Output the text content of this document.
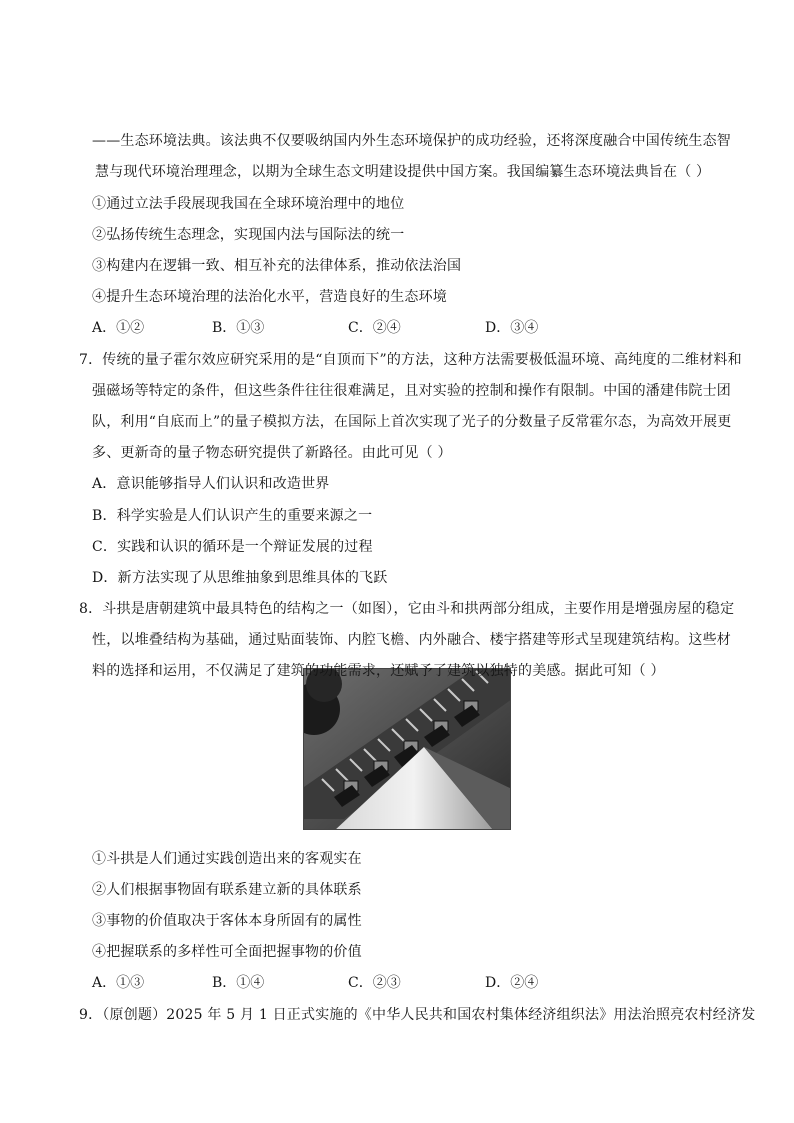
——生态环境法典。该法典不仅要吸纳国内外生态环境保护的成功经验，还将深度融合中国传统生态智
慧与现代环境治理理念，以期为全球生态文明建设提供中国方案。我国编纂生态环境法典旨在（ ）
①通过立法手段展现我国在全球环境治理中的地位
②弘扬传统生态理念，实现国内法与国际法的统一
③构建内在逻辑一致、相互补充的法律体系，推动依法治国
④提升生态环境治理的法治化水平，营造良好的生态环境
A．①②	B．①③	C．②④	D．③④
7．传统的量子霍尔效应研究采用的是“自顶而下”的方法，这种方法需要极低温环境、高纯度的二维材料和
强磁场等特定的条件，但这些条件往往很难满足，且对实验的控制和操作有限制。中国的潘建伟院士团
队，利用“自底而上”的量子模拟方法，在国际上首次实现了光子的分数量子反常霍尔态，为高效开展更
多、更新奇的量子物态研究提供了新路径。由此可见（ ）
A．意识能够指导人们认识和改造世界
B．科学实验是人们认识产生的重要来源之一
C．实践和认识的循环是一个辩证发展的过程
D．新方法实现了从思维抽象到思维具体的飞跃
8．斗拱是唐朝建筑中最具特色的结构之一（如图），它由斗和拱两部分组成，主要作用是增强房屋的稳定
性，以堆叠结构为基础，通过贴面装饰、内腔飞檐、内外融合、楼宇搭建等形式呈现建筑结构。这些材
①斗拱是人们通过实践创造出来的客观实在
②人们根据事物固有联系建立新的具体联系
③事物的价值取决于客体本身所固有的属性
④把握联系的多样性可全面把握事物的价值
A．①③	B．①④	C．②③	D．②④
9．（原创题）2025 年 5 月 1 日正式实施的《中华人民共和国农村集体经济组织法》用法治照亮农村经济发
料的选择和运用，不仅满足了建筑的功能需求，还赋予了建筑以独特的美感。据此可知（ ）
